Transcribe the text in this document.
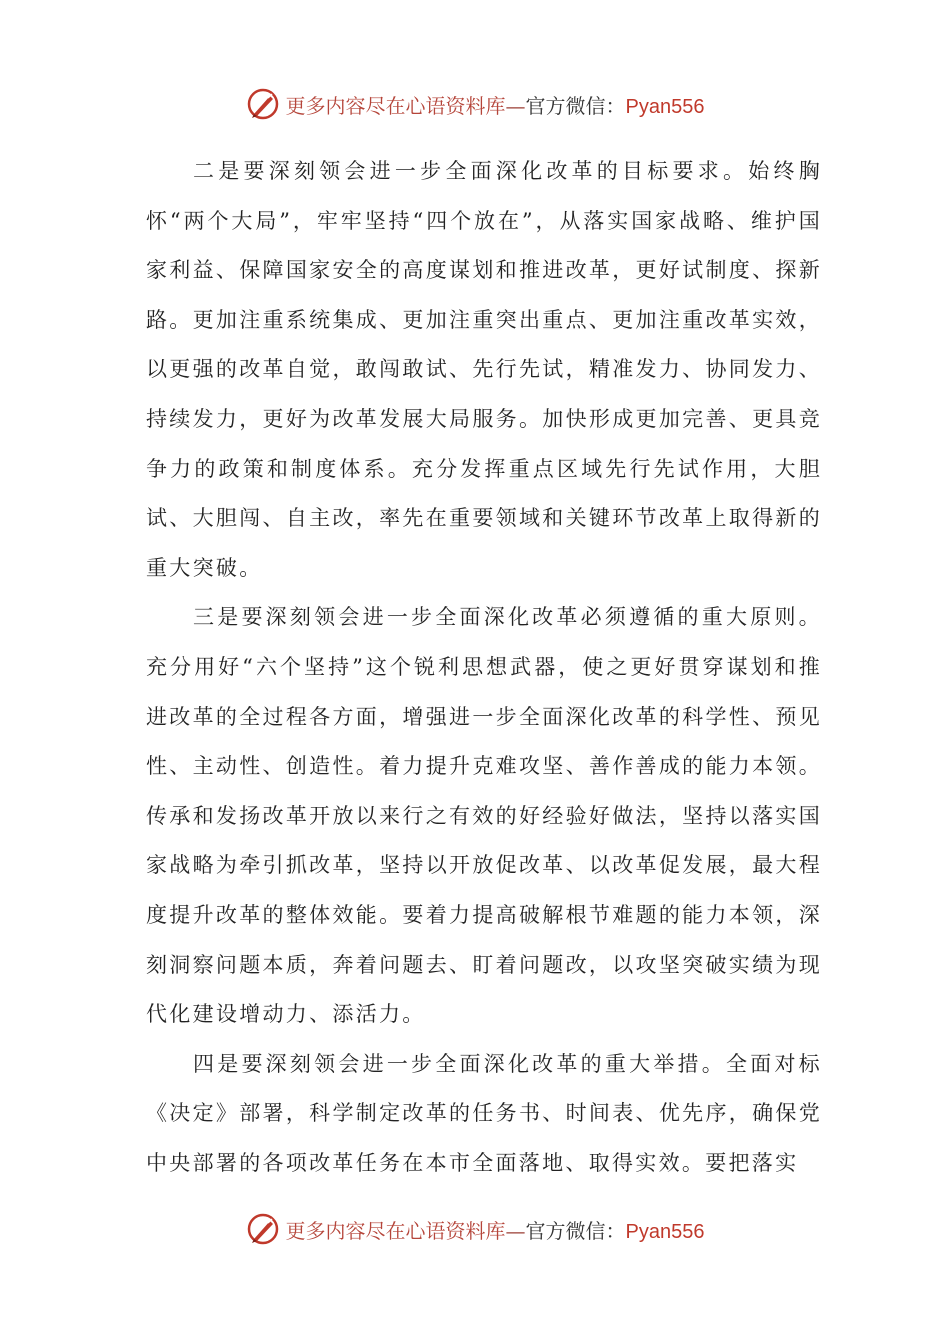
更多内容尽在心语资料库—官方微信：Pyan556

二是要深刻领会进一步全面深化改革的目标要求。始终胸怀“两个大局”，牢牢坚持“四个放在”，从落实国家战略、维护国家利益、保障国家安全的高度谋划和推进改革，更好试制度、探新路。更加注重系统集成、更加注重突出重点、更加注重改革实效，以更强的改革自觉，敢闯敢试、先行先试，精准发力、协同发力、持续发力，更好为改革发展大局服务。加快形成更加完善、更具竞争力的政策和制度体系。充分发挥重点区域先行先试作用，大胆试、大胆闯、自主改，率先在重要领域和关键环节改革上取得新的重大突破。

三是要深刻领会进一步全面深化改革必须遵循的重大原则。充分用好“六个坚持”这个锐利思想武器，使之更好贯穿谋划和推进改革的全过程各方面，增强进一步全面深化改革的科学性、预见性、主动性、创造性。着力提升克难攻坚、善作善成的能力本领。传承和发扬改革开放以来行之有效的好经验好做法，坚持以落实国家战略为牵引抓改革，坚持以开放促改革、以改革促发展，最大程度提升改革的整体效能。要着力提高破解根节难题的能力本领，深刻洞察问题本质，奔着问题去、盯着问题改，以攻坚突破实绩为现代化建设增动力、添活力。

四是要深刻领会进一步全面深化改革的重大举措。全面对标《决定》部署，科学制定改革的任务书、时间表、优先序，确保党中央部署的各项改革任务在本市全面落地、取得实效。要把落实

更多内容尽在心语资料库—官方微信：Pyan556
